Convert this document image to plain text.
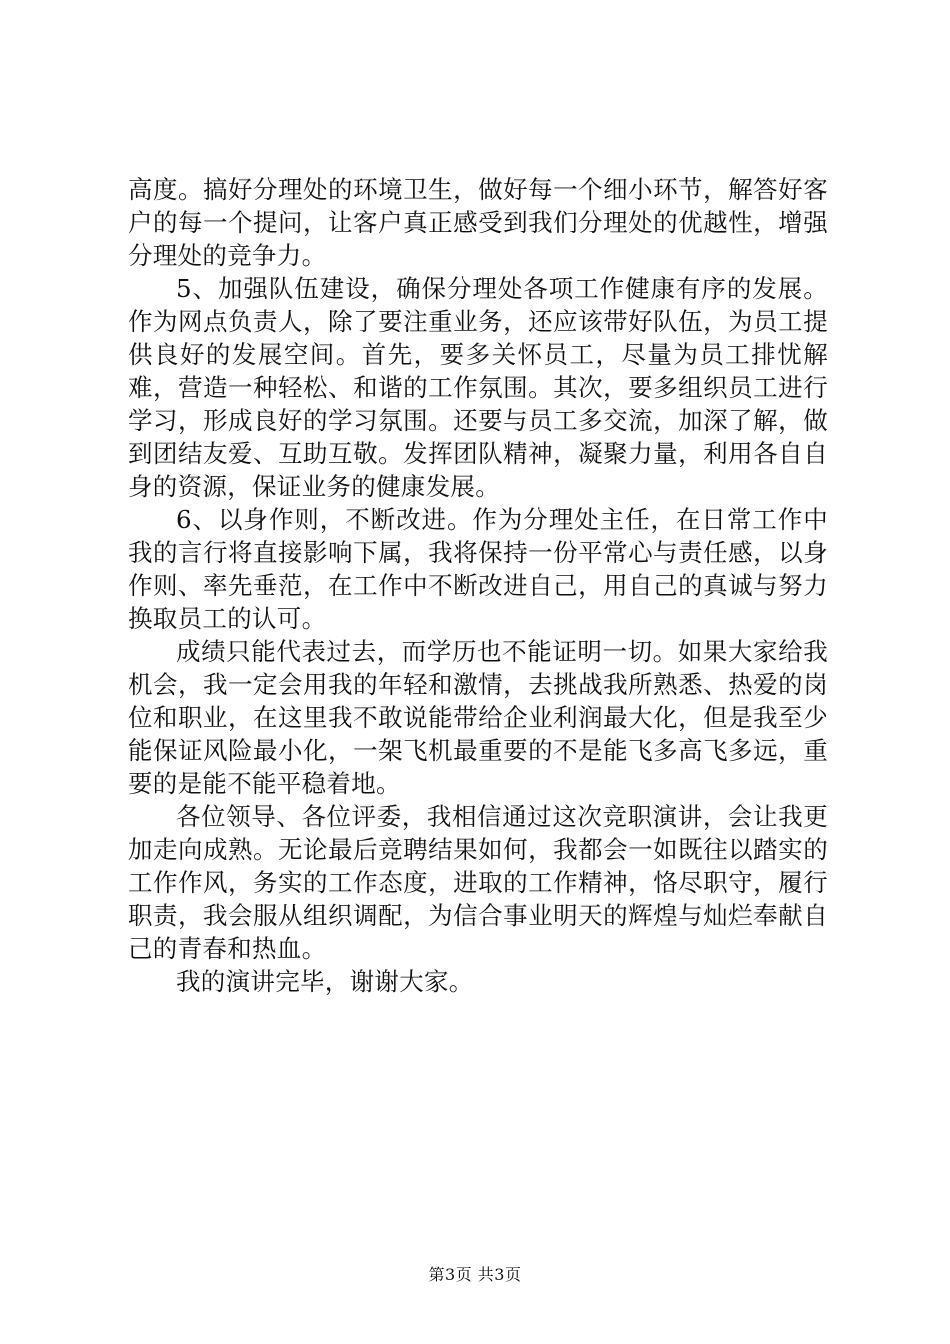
高度。搞好分理处的环境卫生，做好每一个细小环节，解答好客户的每一个提问，让客户真正感受到我们分理处的优越性，增强分理处的竞争力。

5、加强队伍建设，确保分理处各项工作健康有序的发展。作为网点负责人，除了要注重业务，还应该带好队伍，为员工提供良好的发展空间。首先，要多关怀员工，尽量为员工排忧解难，营造一种轻松、和谐的工作氛围。其次，要多组织员工进行学习，形成良好的学习氛围。还要与员工多交流，加深了解，做到团结友爱、互助互敬。发挥团队精神，凝聚力量，利用各自自身的资源，保证业务的健康发展。

6、以身作则，不断改进。作为分理处主任，在日常工作中我的言行将直接影响下属，我将保持一份平常心与责任感，以身作则、率先垂范，在工作中不断改进自己，用自己的真诚与努力换取员工的认可。

成绩只能代表过去，而学历也不能证明一切。如果大家给我机会，我一定会用我的年轻和激情，去挑战我所熟悉、热爱的岗位和职业，在这里我不敢说能带给企业利润最大化，但是我至少能保证风险最小化，一架飞机最重要的不是能飞多高飞多远，重要的是能不能平稳着地。

各位领导、各位评委，我相信通过这次竞职演讲，会让我更加走向成熟。无论最后竞聘结果如何，我都会一如既往以踏实的工作作风，务实的工作态度，进取的工作精神，恪尽职守，履行职责，我会服从组织调配，为信合事业明天的辉煌与灿烂奉献自己的青春和热血。

我的演讲完毕，谢谢大家。

第3页 共3页
